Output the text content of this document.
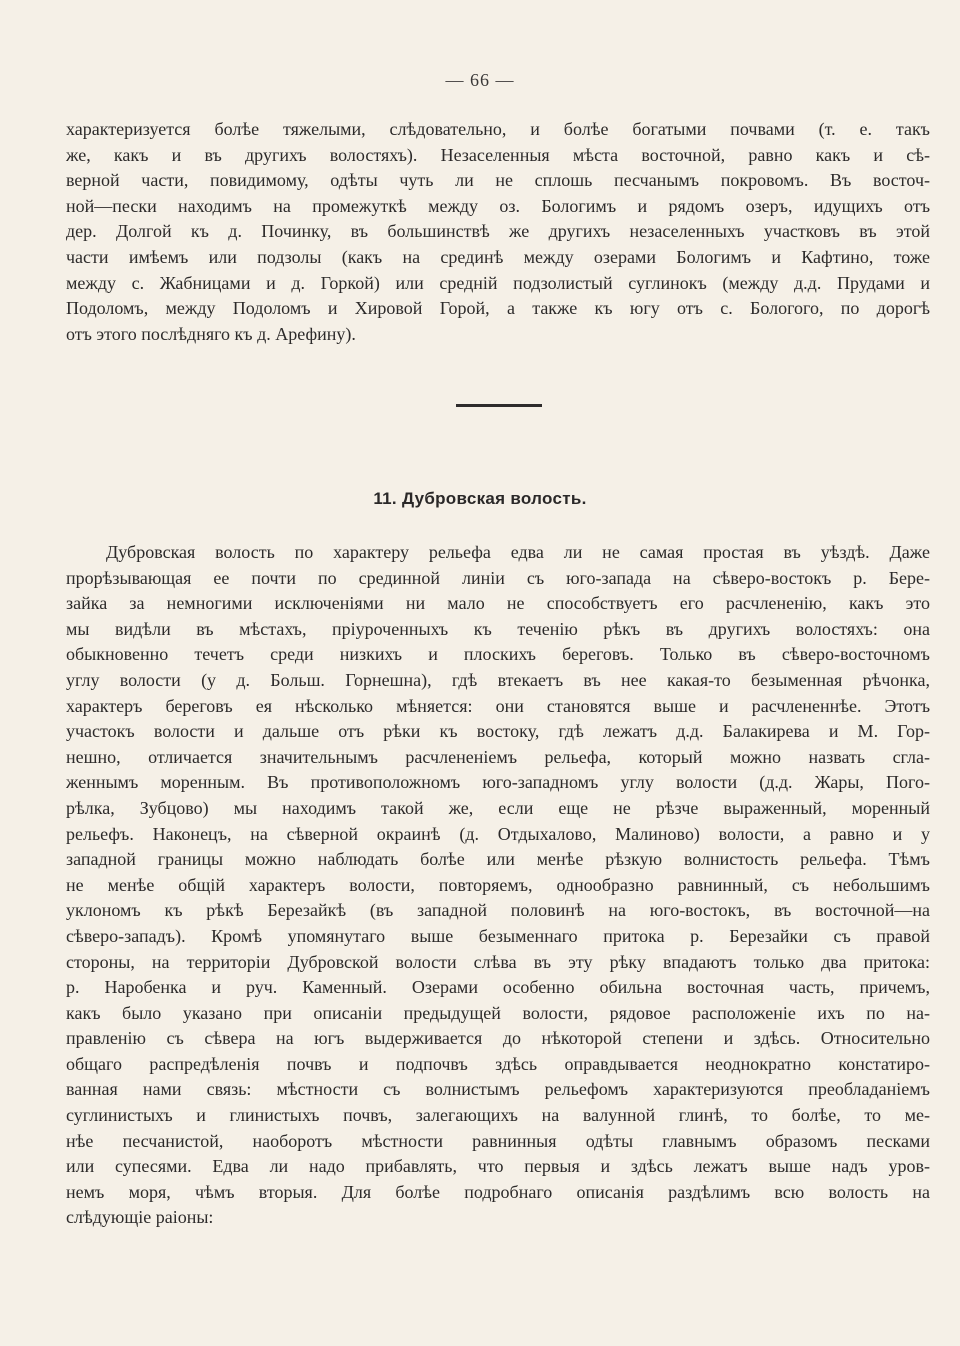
— 66 —
характеризуется болѣе тяжелыми, слѣдовательно, и болѣе богатыми почвами (т. е. такъ
же, какъ и въ другихъ волостяхъ). Незаселенныя мѣста восточной, равно какъ и сѣ-
верной части, повидимому, одѣты чуть ли не сплошь песчанымъ покровомъ. Въ восточ-
ной—пески находимъ на промежуткѣ между оз. Бологимъ и рядомъ озеръ, идущихъ отъ
дер. Долгой къ д. Починку, въ большинствѣ же другихъ незаселенныхъ участковъ въ этой
части имѣемъ или подзолы (какъ на срединѣ между озерами Бологимъ и Кафтино, тоже
между с. Жабницами и д. Горкой) или среднiй подзолистый суглинокъ (между д.д. Прудами и
Подоломъ, между Подоломъ и Хировой Горой, а также къ югу отъ с. Бологого, по дорогѣ
отъ этого послѣдняго къ д. Арефину).
11. Дубровская волость.
Дубровская волость по характеру рельефа едва ли не самая простая въ уѣздѣ. Даже
прорѣзывающая ее почти по срединной линiи съ юго-запада на сѣверо-востокъ р. Бере-
зайка за немногими исключенiями ни мало не способствуетъ его расчлененiю, какъ это
мы видѣли въ мѣстахъ, прiуроченныхъ къ теченiю рѣкъ въ другихъ волостяхъ: она
обыкновенно течетъ среди низкихъ и плоскихъ береговъ. Только въ сѣверо-восточномъ
углу волости (у д. Больш. Горнешна), гдѣ втекаетъ въ нее какая-то безыменная рѣчонка,
характеръ береговъ ея нѣсколько мѣняется: они становятся выше и расчлененнѣе. Этотъ
участокъ волости и дальше отъ рѣки къ востоку, гдѣ лежатъ д.д. Балакирева и М. Гор-
нешно, отличается значительнымъ расчлененiемъ рельефа, который можно назвать сгла-
женнымъ моренным. Въ противоположномъ юго-западномъ углу волости (д.д. Жары, Пого-
рѣлка, Зубцово) мы находимъ такой же, если еще не рѣзче выраженный, моренный
рельефъ. Наконецъ, на сѣверной окраинѣ (д. Отдыхалово, Малиново) волости, а равно и у
западной границы можно наблюдать болѣе или менѣе рѣзкую волнистость рельефа. Тѣмъ
не менѣе общiй характеръ волости, повторяемъ, однообразно равнинный, съ небольшимъ
уклономъ къ рѣкѣ Березайкѣ (въ западной половинѣ на юго-востокъ, въ восточной—на
сѣверо-западъ). Кромѣ упомянутаго выше безыменнаго притока р. Березайки съ правой
стороны, на территорiи Дубровской волости слѣва въ эту рѣку впадаютъ только два притока:
р. Наробенка и руч. Каменный. Озерами особенно обильна восточная часть, причемъ,
какъ было указано при описанiи предыдущей волости, рядовое расположенiе ихъ по на-
правленiю съ сѣвера на югъ выдерживается до нѣкоторой степени и здѣсь. Относительно
общаго распредѣленiя почвъ и подпочвъ здѣсь оправдывается неоднократно констатиро-
ванная нами связь: мѣстности съ волнистымъ рельефомъ характеризуются преобладанiемъ
суглинистыхъ и глинистыхъ почвъ, залегающихъ на валунной глинѣ, то болѣе, то ме-
нѣе песчанистой, наоборотъ мѣстности равнинныя одѣты главнымъ образомъ песками
или супесями. Едва ли надо прибавлять, что первыя и здѣсь лежатъ выше надъ уров-
немъ моря, чѣмъ вторыя. Для болѣе подробнаго описанiя раздѣлимъ всю волость на
слѣдующiе раiоны:
